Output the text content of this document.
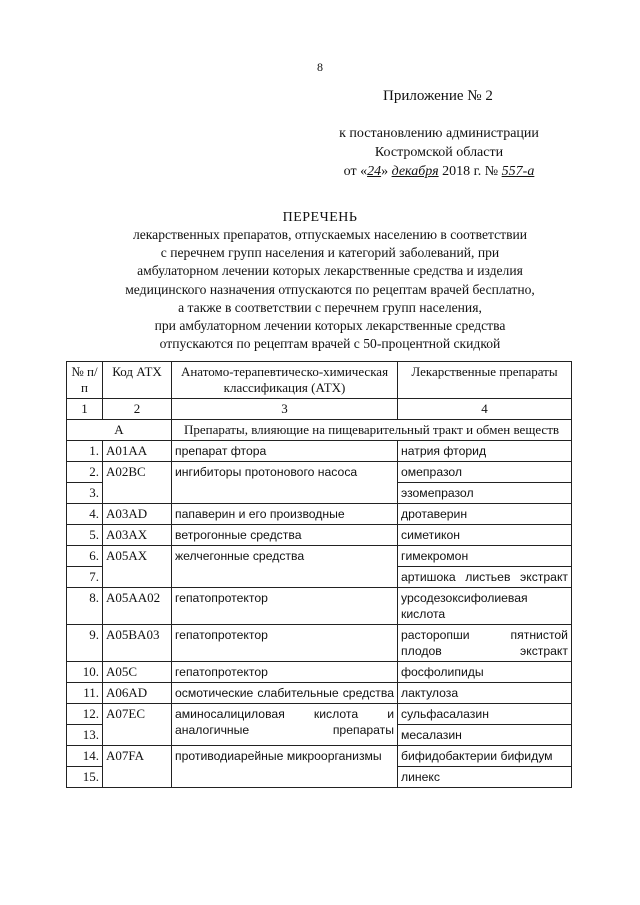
8
Приложение № 2
к постановлению администрации
Костромской области
от «24» декабря 2018 г. № 557-а
ПЕРЕЧЕНЬ
лекарственных препаратов, отпускаемых населению в соответствии
с перечнем групп населения и категорий заболеваний, при
амбулаторном лечении которых лекарственные средства и изделия
медицинского назначения отпускаются по рецептам врачей бесплатно,
а также в соответствии с перечнем групп населения,
при амбулаторном лечении которых лекарственные средства
отпускаются по рецептам врачей с 50-процентной скидкой
№ п/п	Код АТХ	Анатомо-терапевтическо-химическая классификация (АТХ)	Лекарственные препараты
1	2	3	4
А		Препараты, влияющие на пищеварительный тракт и обмен веществ	
1.	A01AA	препарат фтора	натрия фторид
2.	A02BC	ингибиторы протонового насоса	омепразол
3.			эзомепразол
4.	A03AD	папаверин и его производные	дротаверин
5.	A03AX	ветрогонные средства	симетикон
6.	A05AX	желчегонные средства	гимекромон
7.			артишока листьев экстракт
8.	A05AA02	гепатопротектор	урсодезоксифолиевая кислота
9.	A05BA03	гепатопротектор	расторопши пятнистой плодов экстракт
10.	A05C	гепатопротектор	фосфолипиды
11.	A06AD	осмотические слабительные средства	лактулоза
12.	A07EC	аминосалициловая кислота и аналогичные препараты	сульфасалазин
13.			месалазин
14.	A07FA	противодиарейные микроорганизмы	бифидобактерии бифидум
15.			линекс
